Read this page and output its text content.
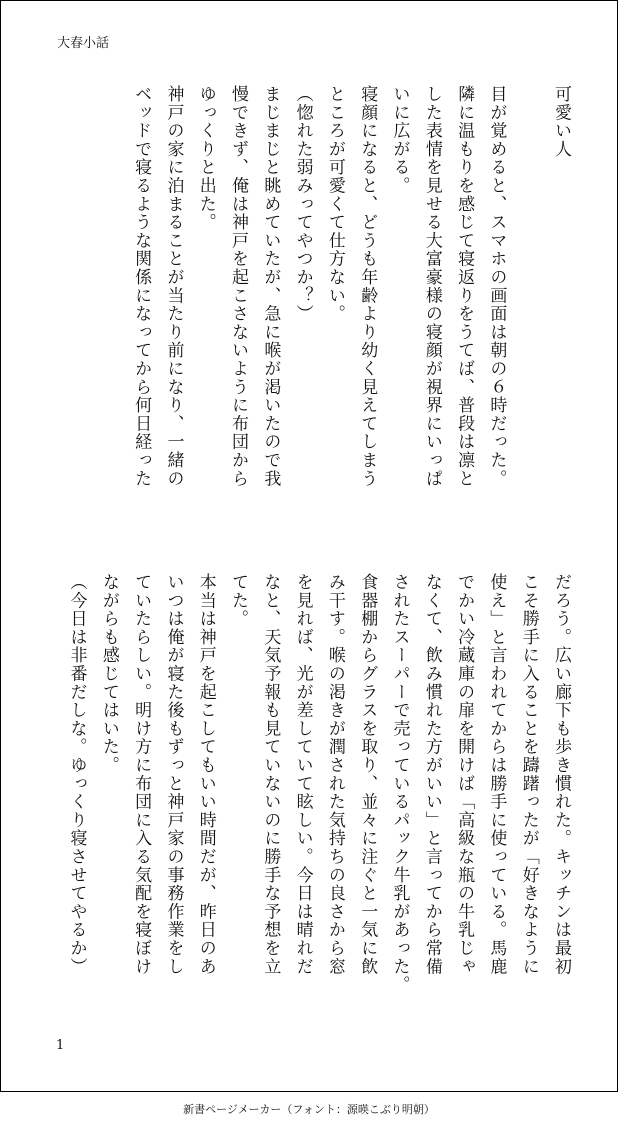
大春小話

可愛い人

目が覚めると、スマホの画面は朝の６時だった。

隣に温もりを感じて寝返りをうてば、普段は凛と

した表情を見せる大富豪様の寝顔が視界にいっぱ

いに広がる。

寝顔になると、どうも年齢より幼く見えてしまう

ところが可愛くて仕方ない。

（惚れた弱みってやつか？）

まじまじと眺めていたが、急に喉が渇いたので我

慢できず、俺は神戸を起こさないように布団から

ゆっくりと出た。

神戸の家に泊まることが当たり前になり、一緒の

ベッドで寝るような関係になってから何日経った

だろう。広い廊下も歩き慣れた。キッチンは最初

こそ勝手に入ることを躊躇ったが「好きなように

使え」と言われてからは勝手に使っている。馬鹿

でかい冷蔵庫の扉を開けば「高級な瓶の牛乳じゃ

なくて、飲み慣れた方がいい」と言ってから常備

されたスーパーで売っているパック牛乳があった。

食器棚からグラスを取り、並々に注ぐと一気に飲

み干す。喉の渇きが潤された気持ちの良さから窓

を見れば、光が差していて眩しい。今日は晴れだ

なと、天気予報も見ていないのに勝手な予想を立

てた。

本当は神戸を起こしてもいい時間だが、昨日のあ

いつは俺が寝た後もずっと神戸家の事務作業をし

ていたらしい。明け方に布団に入る気配を寝ぼけ

ながらも感じてはいた。

（今日は非番だしな。ゆっくり寝させてやるか）

1
新書ページメーカー（フォント：源暎こぶり明朝）
